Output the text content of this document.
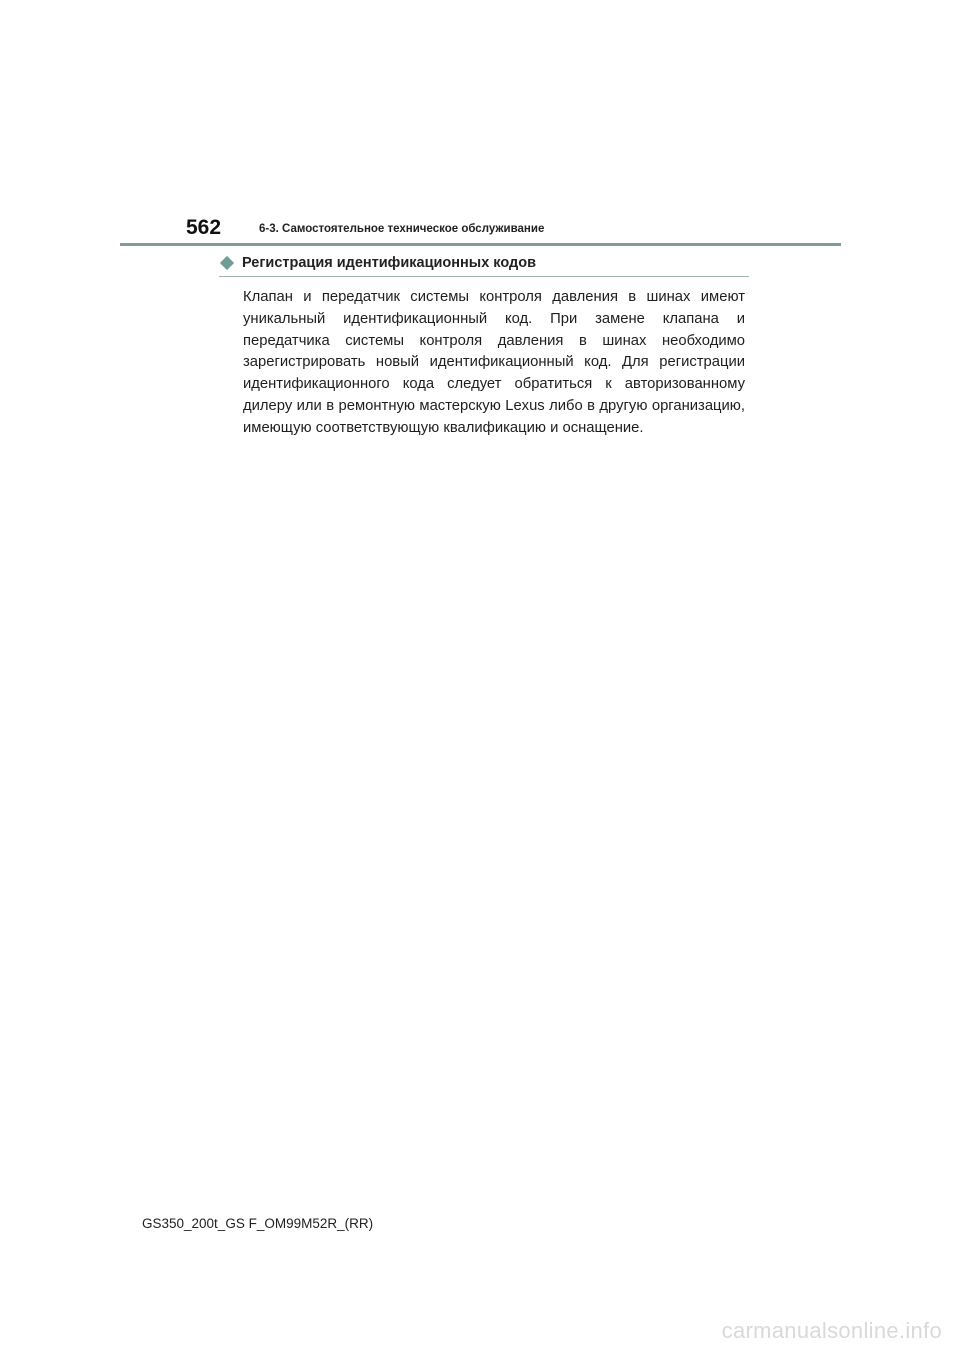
562	6-3. Самостоятельное техническое обслуживание
Регистрация идентификационных кодов

Клапан и передатчик системы контроля давления в шинах имеют уникальный идентификационный код. При замене клапана и передатчика системы контроля давления в шинах необходимо зарегистрировать новый идентификационный код. Для регистрации идентификационного кода следует обратиться к авторизованному дилеру или в ремонтную мастерскую Lexus либо в другую организацию, имеющую соответствующую квалификацию и оснащение.

GS350_200t_GS F_OM99M52R_(RR)
carmanualsonline.info
